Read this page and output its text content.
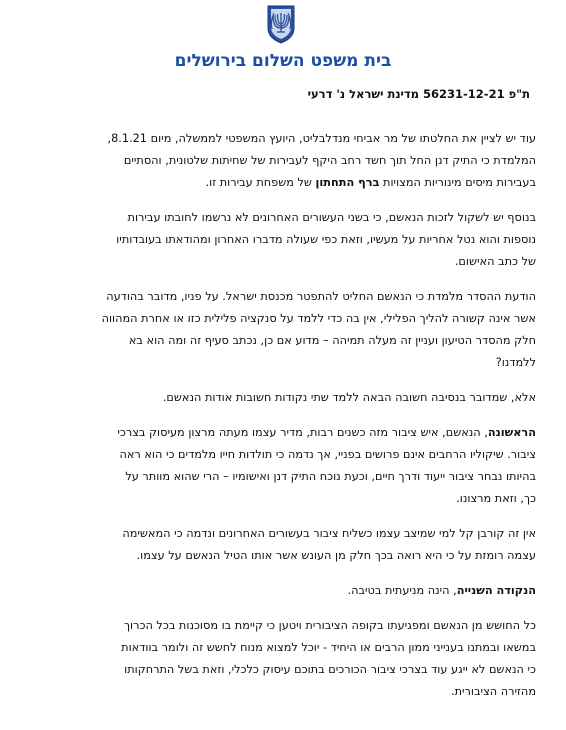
בית משפט השלום בירושלים
ת"פ 56231-12-21 מדינת ישראל נ' דרעי
עוד יש לציין את החלטתו של מר אביחי מנדלבליט, היועץ המשפטי לממשלה, מיום 8.1.21,
המלמדת כי התיק דנן החל תוך חשד רחב היקף לעבירות של שחיתות שלטונית, והסתיים
בעבירות מיסים מינוריות המצויות ברף התחתון של משפחת עבירות זו.
בנוסף יש לשקול לזכות הנאשם, כי בשני העשורים האחרונים לא נרשמו לחובתו עבירות
נוספות והוא נטל אחריות על מעשיו, וזאת כפי שעולה מדברו האחרון ומהודאתו בעובדותיו
של כתב האישום.
הודעת ההסדר מלמדת כי הנאשם החליט להתפטר מכנסת ישראל. על פניו, מדובר בהודעה
אשר אינה קשורה להליך הפלילי, אין בה כדי ללמד על סנקציה פלילית כזו או אחרת המהווה
חלק מהסדר הטיעון ועניין זה מעלה תמיהה – מדוע אם כן, נכתב סעיף זה ומה הוא בא
ללמדנו?
אלא, שמדובר בנסיבה חשובה הבאה ללמד שתי נקודות חשובות אודות הנאשם.
הראשונה, הנאשם, איש ציבור מזה כשנים רבות, מדיר עצמו מעתה מרצון מעיסוק בצרכי
ציבור. שיקוליו הרחבים אינם פרושים בפניי, אך נדמה כי תולדות חייו מלמדים כי הוא ראה
בהיותו נבחר ציבור ייעוד ודרך חיים, וכעת נוכח התיק דנן ואישומיו – הרי שהוא מוותר על
כך, וזאת מרצונו.
אין זה קורבן קל למי שמיצב עצמו כשליח ציבור בעשורים האחרונים ונדמה כי המאשימה
עצמה רומזת על כי היא רואה בכך חלק מן העונש אשר אותו הטיל הנאשם על עצמו.
הנקודה השנייה, הינה מניעתית בטיבה.
כל החושש מן הנאשם ומפגיעתו בקופה הציבורית ויטען כי קיימת בו מסוכנות בכל הכרוך
במשאו ובמתנו בענייני ממון הרבים או היחיד - יוכל למצוא מנוח לחשש זה ולומר בוודאות
כי הנאשם לא ייגע עוד בצרכי ציבור הכורכים בתוכם עיסוק כלכלי, וזאת בשל התרחקותו
מהזירה הציבורית.
